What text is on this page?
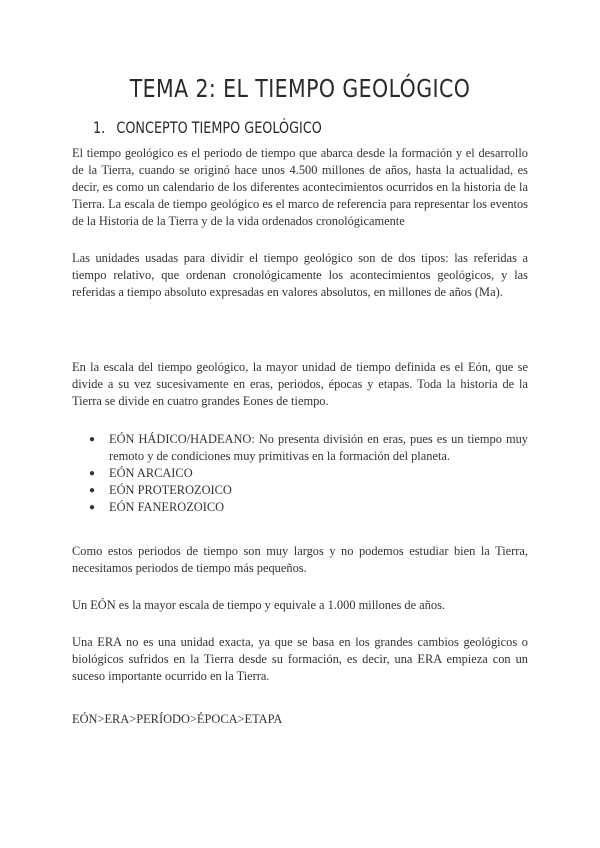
TEMA 2: EL TIEMPO GEOLÓGICO
1. CONCEPTO TIEMPO GEOLÓGICO
El tiempo geológico es el periodo de tiempo que abarca desde la formación y el desarrollo de la Tierra, cuando se originó hace unos 4.500 millones de años, hasta la actualidad, es decir, es como un calendario de los diferentes acontecimientos ocurridos en la historia de la Tierra. La escala de tiempo geológico es el marco de referencia para representar los eventos de la Historia de la Tierra y de la vida ordenados cronológicamente
Las unidades usadas para dividir el tiempo geológico son de dos tipos: las referidas a tiempo relativo, que ordenan cronológicamente los acontecimientos geológicos, y las referidas a tiempo absoluto expresadas en valores absolutos, en millones de años (Ma).
En la escala del tiempo geológico, la mayor unidad de tiempo definida es el Eón, que se divide a su vez sucesivamente en eras, periodos, épocas y etapas. Toda la historia de la Tierra se divide en cuatro grandes Eones de tiempo.
● EÓN HÁDICO/HADEANO: No presenta división en eras, pues es un tiempo muy remoto y de condiciones muy primitivas en la formación del planeta.
● EÓN ARCAICO
● EÓN PROTEROZOICO
● EÓN FANEROZOICO
Como estos periodos de tiempo son muy largos y no podemos estudiar bien la Tierra, necesitamos periodos de tiempo más pequeños.
Un EÓN es la mayor escala de tiempo y equivale a 1.000 millones de años.
Una ERA no es una unidad exacta, ya que se basa en los grandes cambios geológicos o biológicos sufridos en la Tierra desde su formación, es decir, una ERA empieza con un suceso importante ocurrido en la Tierra.
EÓN>ERA>PERÍODO>ÉPOCA>ETAPA
